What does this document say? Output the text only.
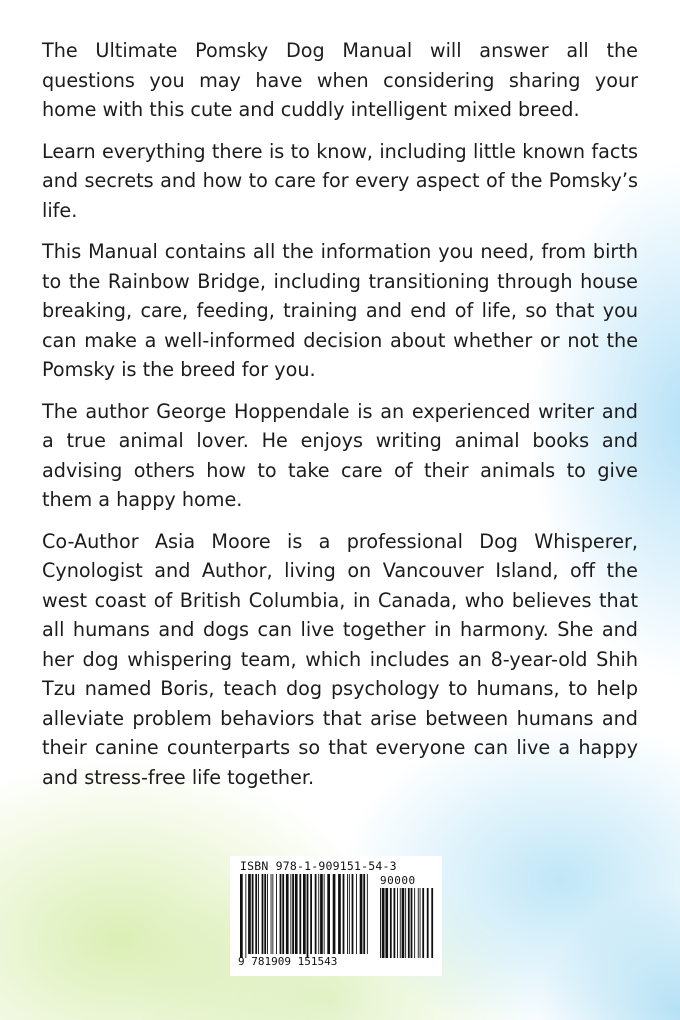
The Ultimate Pomsky Dog Manual will answer all the questions you may have when considering sharing your home with this cute and cuddly intelligent mixed breed.

Learn everything there is to know, including little known facts and secrets and how to care for every aspect of the Pomsky’s life.

This Manual contains all the information you need, from birth to the Rainbow Bridge, including transitioning through house breaking, care, feeding, training and end of life, so that you can make a well-informed decision about whether or not the Pomsky is the breed for you.

The author George Hoppendale is an experienced writer and a true animal lover. He enjoys writing animal books and advising others how to take care of their animals to give them a happy home.

Co-Author Asia Moore is a professional Dog Whisperer, Cynologist and Author, living on Vancouver Island, off the west coast of British Columbia, in Canada, who believes that all humans and dogs can live together in harmony. She and her dog whispering team, which includes an 8-year-old Shih Tzu named Boris, teach dog psychology to humans, to help alleviate problem behaviors that arise between humans and their canine counterparts so that everyone can live a happy and stress-free life together.

ISBN 978-1-909151-54-3
90000
9 781909 151543
